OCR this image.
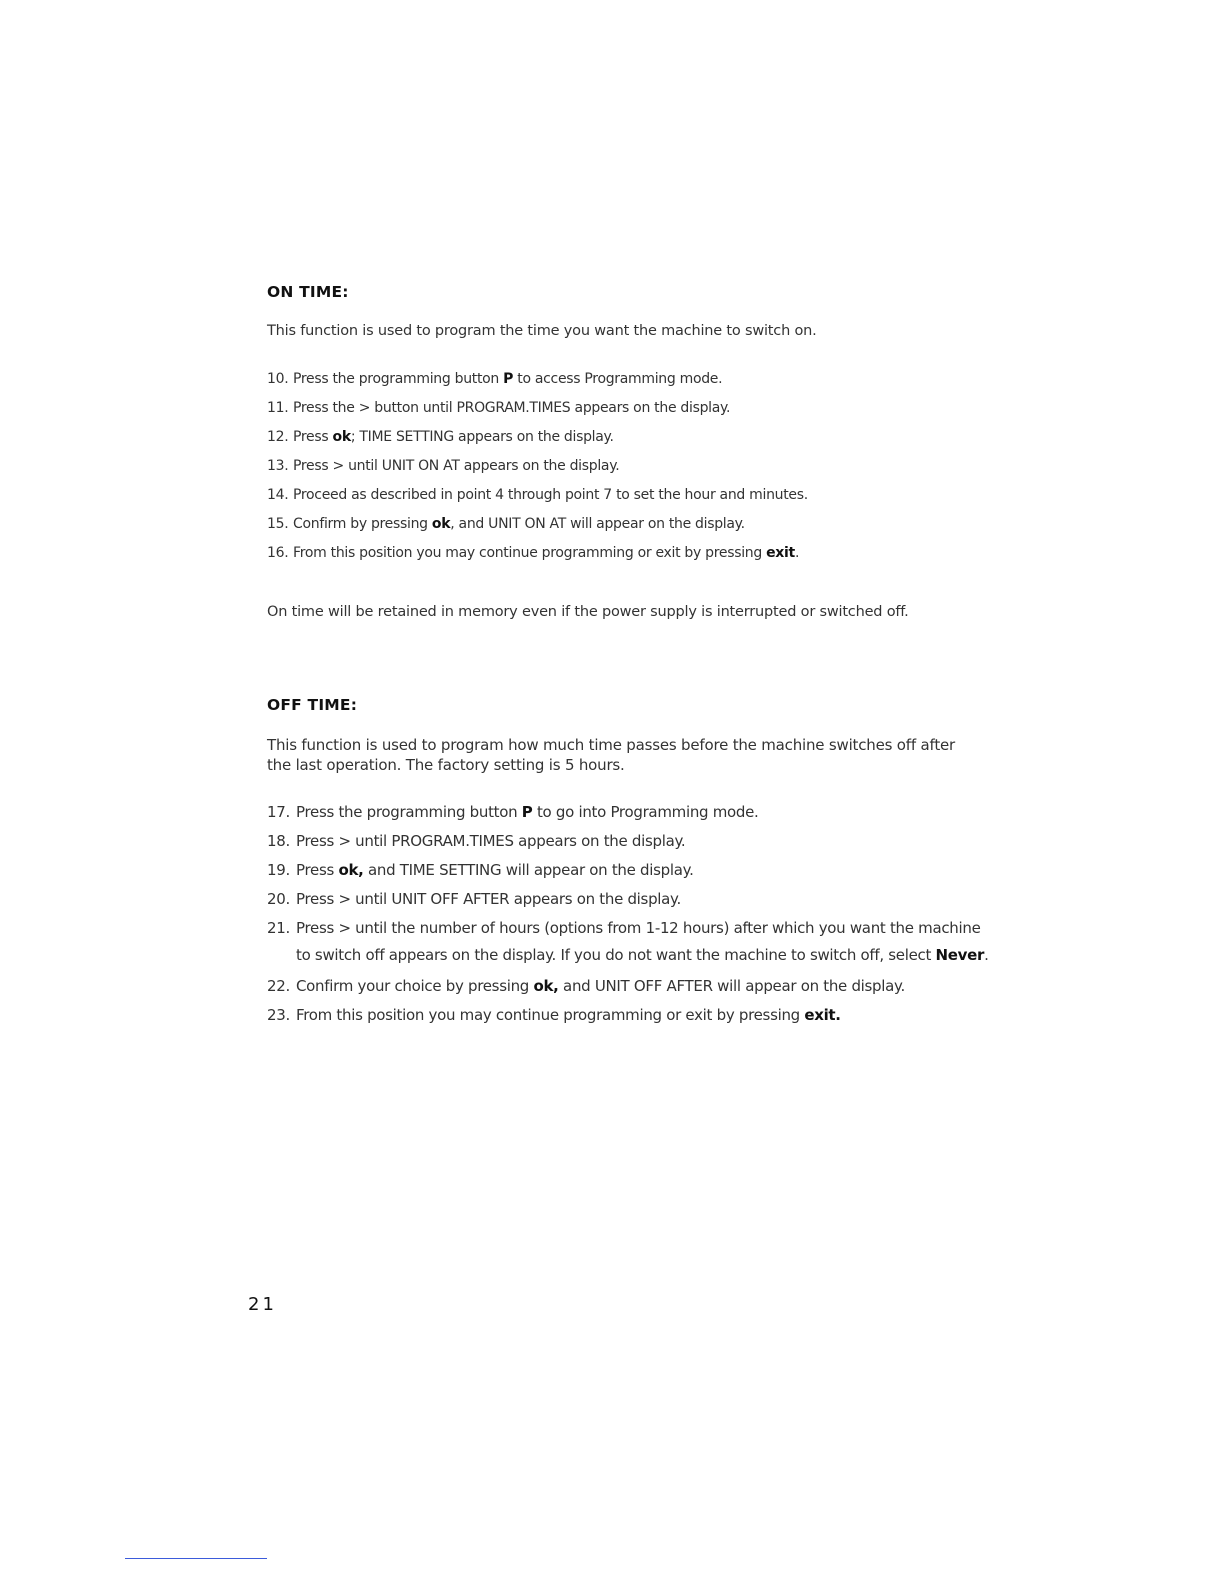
ON TIME:
This function is used to program the time you want the machine to switch on.
10. Press the programming button P to access Programming mode.
11. Press the > button until PROGRAM.TIMES appears on the display.
12. Press ok; TIME SETTING appears on the display.
13. Press > until UNIT ON AT appears on the display.
14. Proceed as described in point 4 through point 7 to set the hour and minutes.
15. Confirm by pressing ok, and UNIT ON AT will appear on the display.
16. From this position you may continue programming or exit by pressing exit.
On time will be retained in memory even if the power supply is interrupted or switched off.
OFF TIME:
This function is used to program how much time passes before the machine switches off after the last operation. The factory setting is 5 hours.
17. Press the programming button P to go into Programming mode.
18. Press > until PROGRAM.TIMES appears on the display.
19. Press ok, and TIME SETTING will appear on the display.
20. Press > until UNIT OFF AFTER appears on the display.
21. Press > until the number of hours (options from 1-12 hours) after which you want the machine
to switch off appears on the display. If you do not want the machine to switch off, select Never.
22. Confirm your choice by pressing ok, and UNIT OFF AFTER will appear on the display.
23. From this position you may continue programming or exit by pressing exit.
21
